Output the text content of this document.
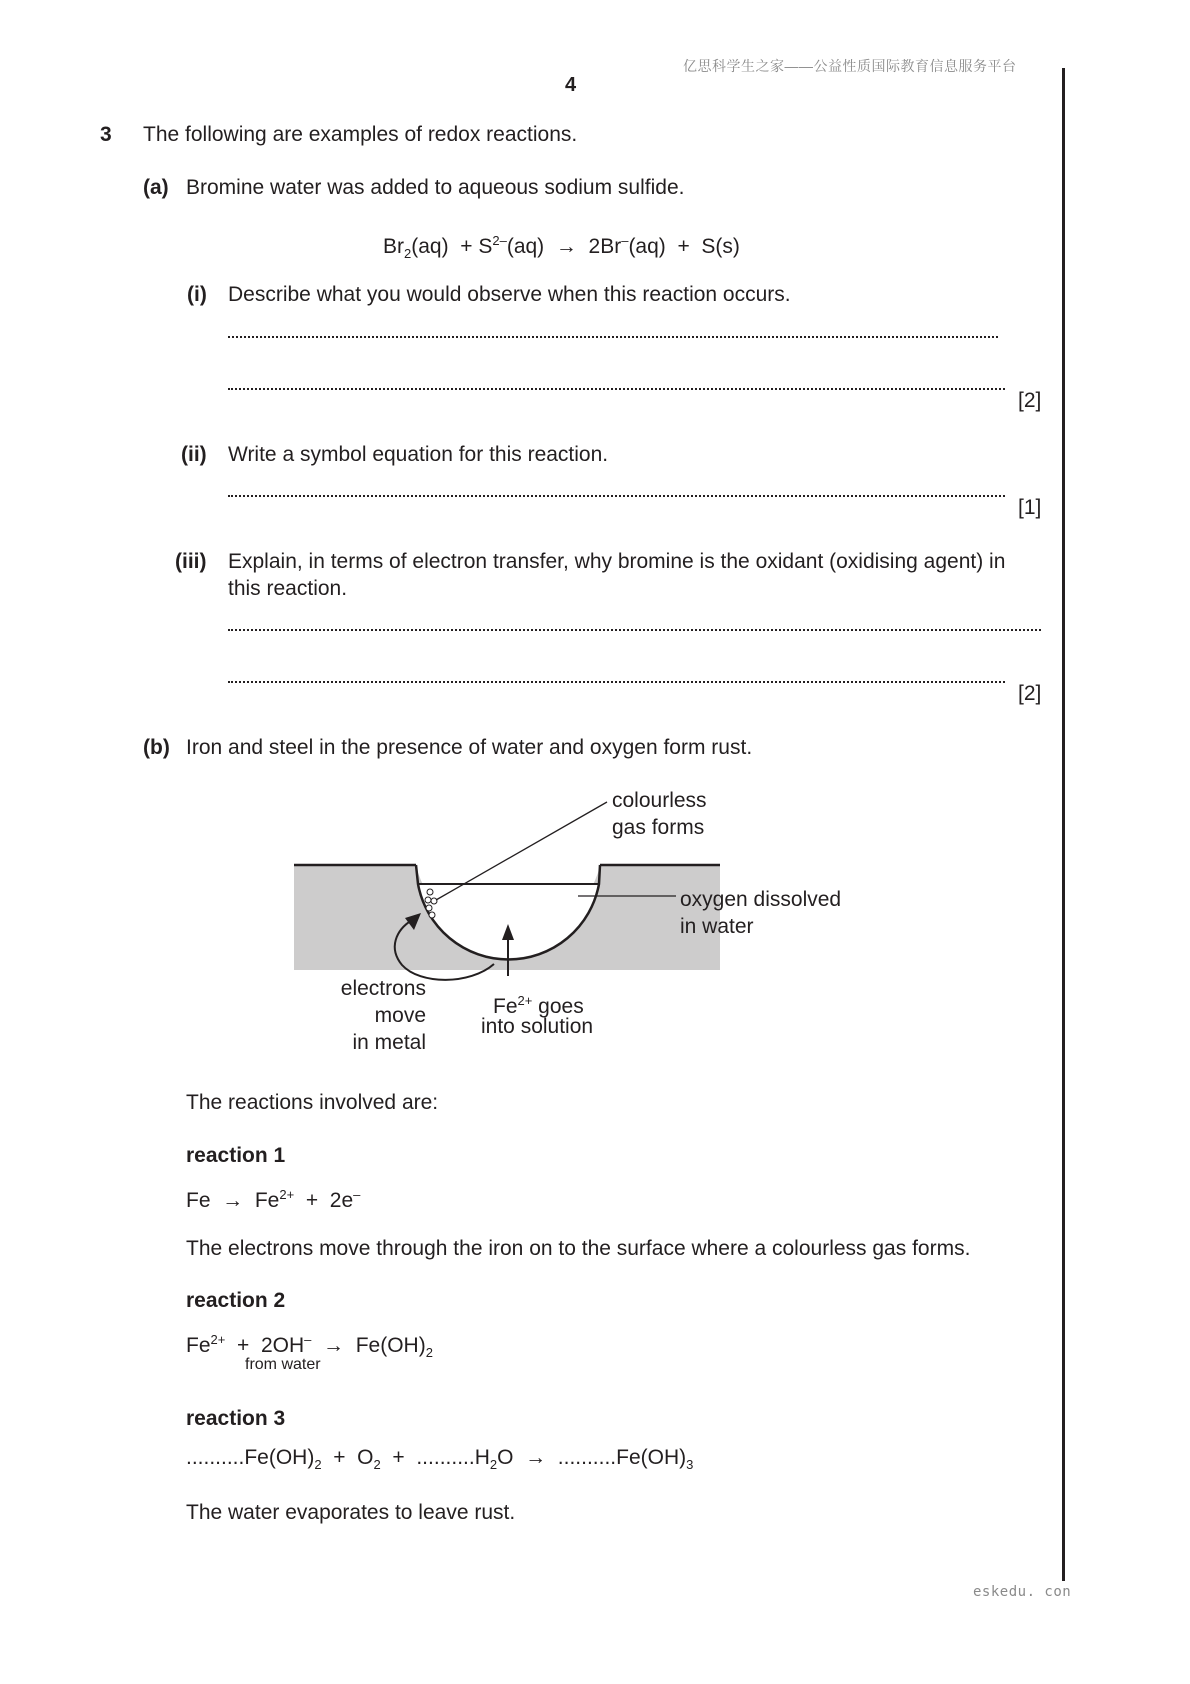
亿思科学生之家——公益性质国际教育信息服务平台
4
3 The following are examples of redox reactions.
(a) Bromine water was added to aqueous sodium sulfide.
$Br_2(aq) + S^{2-}(aq) \to 2Br^-(aq) + S(s)$
(i) Describe what you would observe when this reaction occurs.
[2]
(ii) Write a symbol equation for this reaction.
[1]
(iii) Explain, in terms of electron transfer, why bromine is the oxidant (oxidising agent) in
this reaction.
[2]
(b) Iron and steel in the presence of water and oxygen form rust.
colourless
gas forms
oxygen dissolved
in water
electrons
move
in metal
$Fe^{2+}$ goes
into solution
The reactions involved are:
reaction 1
$Fe \to Fe^{2+} + 2e^-$
The electrons move through the iron on to the surface where a colourless gas forms.
reaction 2
$Fe^{2+} + 2OH^- \to Fe(OH)_2$
from water
reaction 3
$..........Fe(OH)_2 + O_2 + ..........H_2O \to ..........Fe(OH)_3$
The water evaporates to leave rust.
eskedu. con
